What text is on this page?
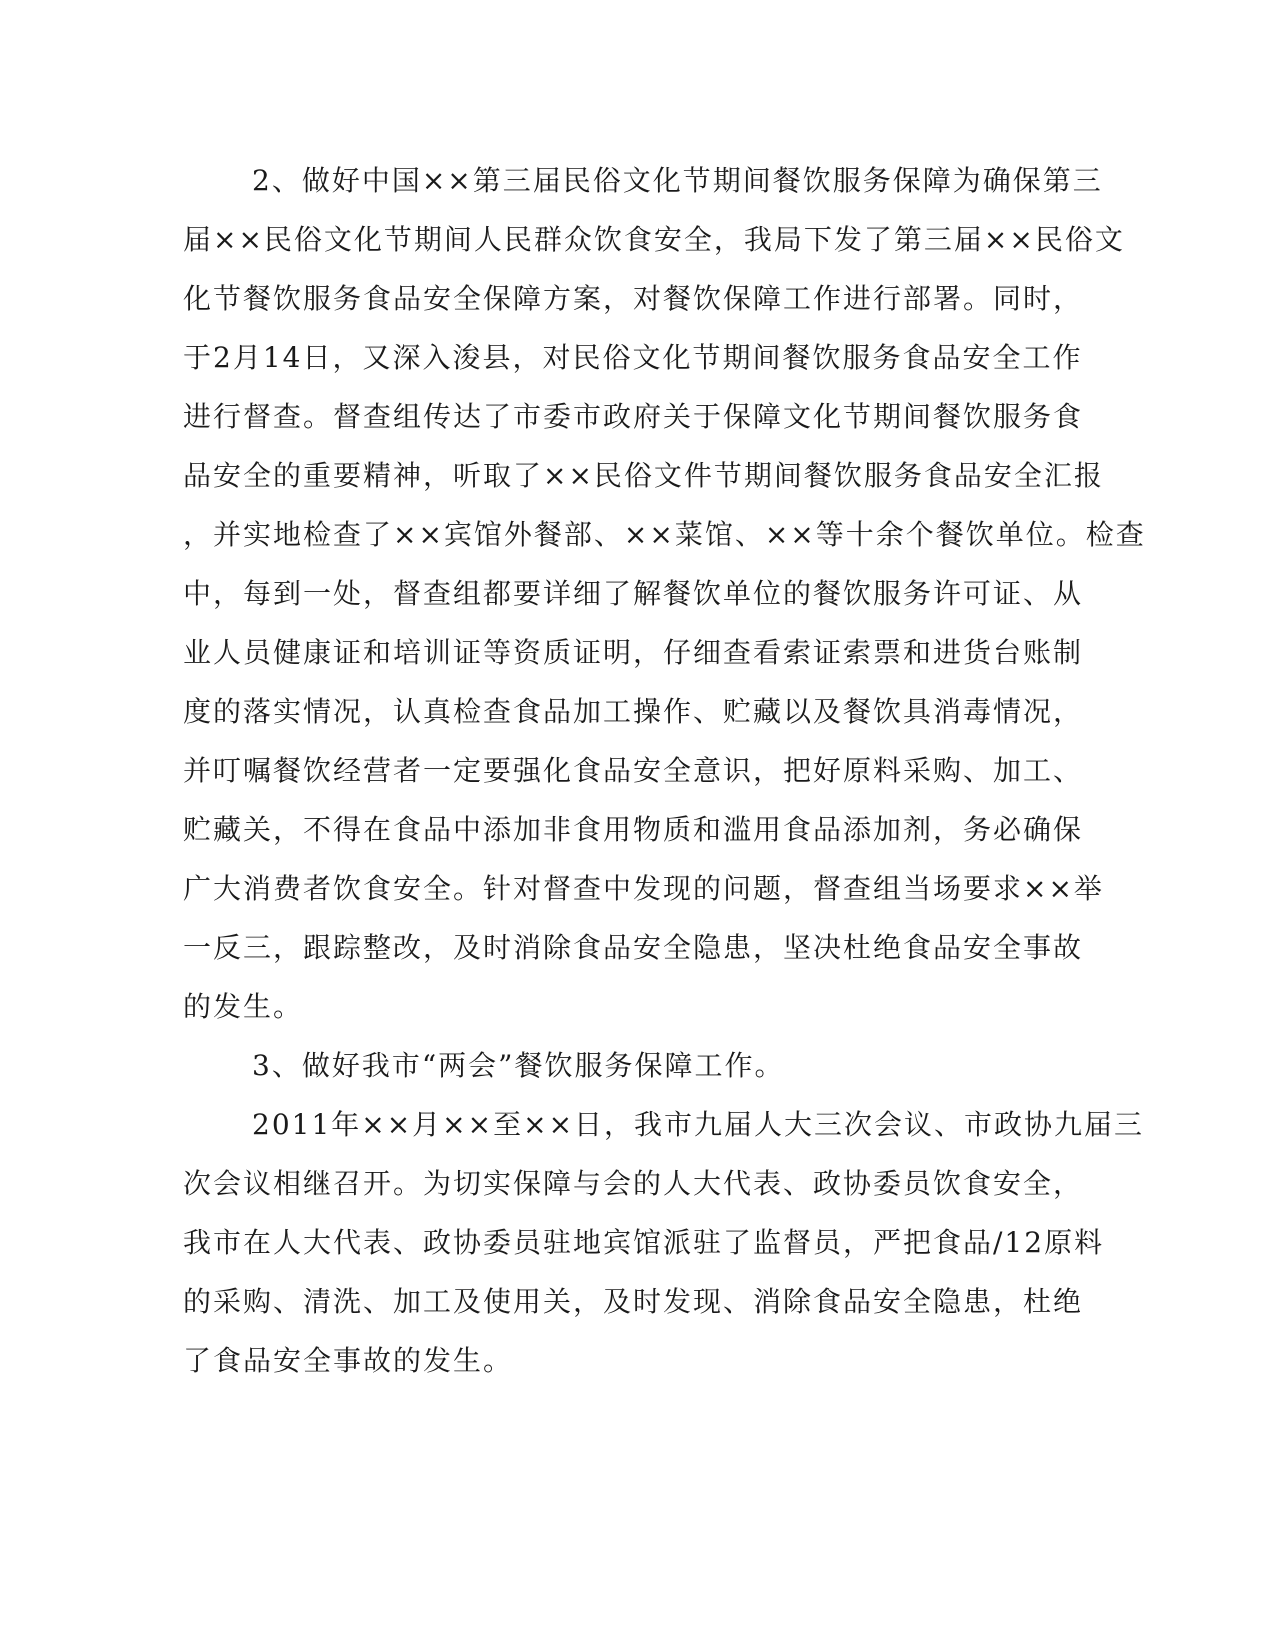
2、做好中国××第三届民俗文化节期间餐饮服务保障为确保第三
届××民俗文化节期间人民群众饮食安全，我局下发了第三届××民俗文
化节餐饮服务食品安全保障方案，对餐饮保障工作进行部署。同时，
于2月14日，又深入浚县，对民俗文化节期间餐饮服务食品安全工作
进行督查。督查组传达了市委市政府关于保障文化节期间餐饮服务食
品安全的重要精神，听取了××民俗文件节期间餐饮服务食品安全汇报
，并实地检查了××宾馆外餐部、××菜馆、××等十余个餐饮单位。检查
中，每到一处，督查组都要详细了解餐饮单位的餐饮服务许可证、从
业人员健康证和培训证等资质证明，仔细查看索证索票和进货台账制
度的落实情况，认真检查食品加工操作、贮藏以及餐饮具消毒情况，
并叮嘱餐饮经营者一定要强化食品安全意识，把好原料采购、加工、
贮藏关，不得在食品中添加非食用物质和滥用食品添加剂，务必确保
广大消费者饮食安全。针对督查中发现的问题，督查组当场要求××举
一反三，跟踪整改，及时消除食品安全隐患，坚决杜绝食品安全事故
的发生。
3、做好我市“两会”餐饮服务保障工作。
2011年××月××至××日，我市九届人大三次会议、市政协九届三
次会议相继召开。为切实保障与会的人大代表、政协委员饮食安全，
我市在人大代表、政协委员驻地宾馆派驻了监督员，严把食品/12原料
的采购、清洗、加工及使用关，及时发现、消除食品安全隐患，杜绝
了食品安全事故的发生。
